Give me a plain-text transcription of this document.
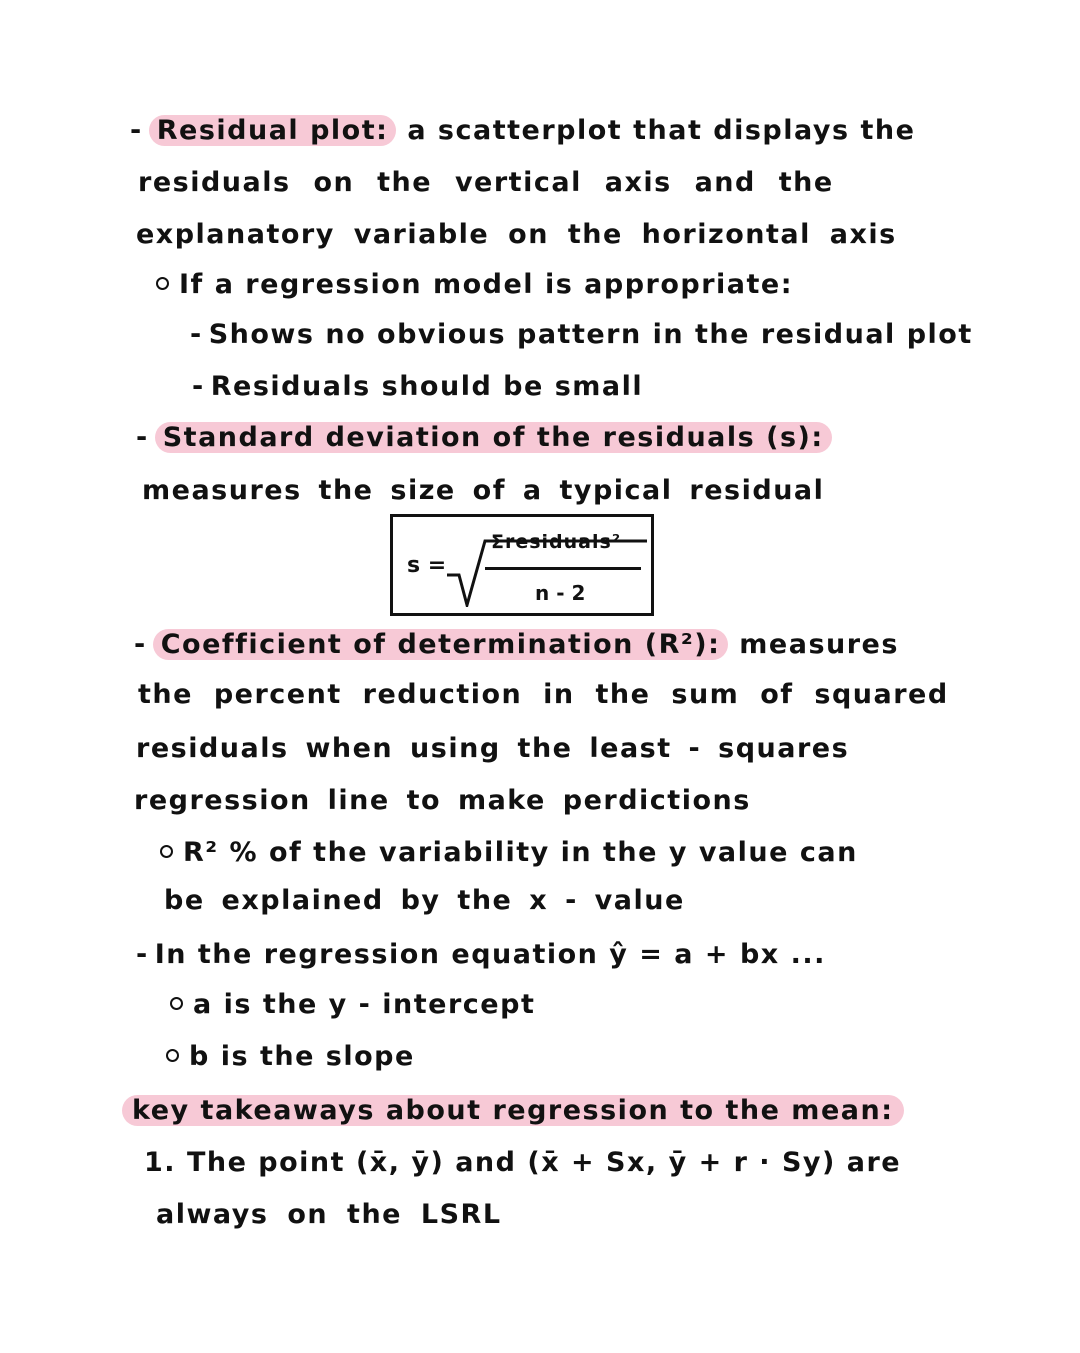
- Residual plot: a scatterplot that displays the
residuals on the vertical axis and the
explanatory variable on the horizontal axis
If a regression model is appropriate:
- Shows no obvious pattern in the residual plot
- Residuals should be small
- Standard deviation of the residuals (s):
measures the size of a typical residual
s =
Σresiduals²
n - 2
- Coefficient of determination (R²): measures
the percent reduction in the sum of squared
residuals when using the least - squares
regression line to make perdictions
R² % of the variability in the y value can
be explained by the x - value
- In the regression equation ŷ = a + bx ...
a is the y - intercept
b is the slope
key takeaways about regression to the mean:
1. The point (x̄, ȳ) and (x̄ + Sx, ȳ + r · Sy) are
always on the LSRL
